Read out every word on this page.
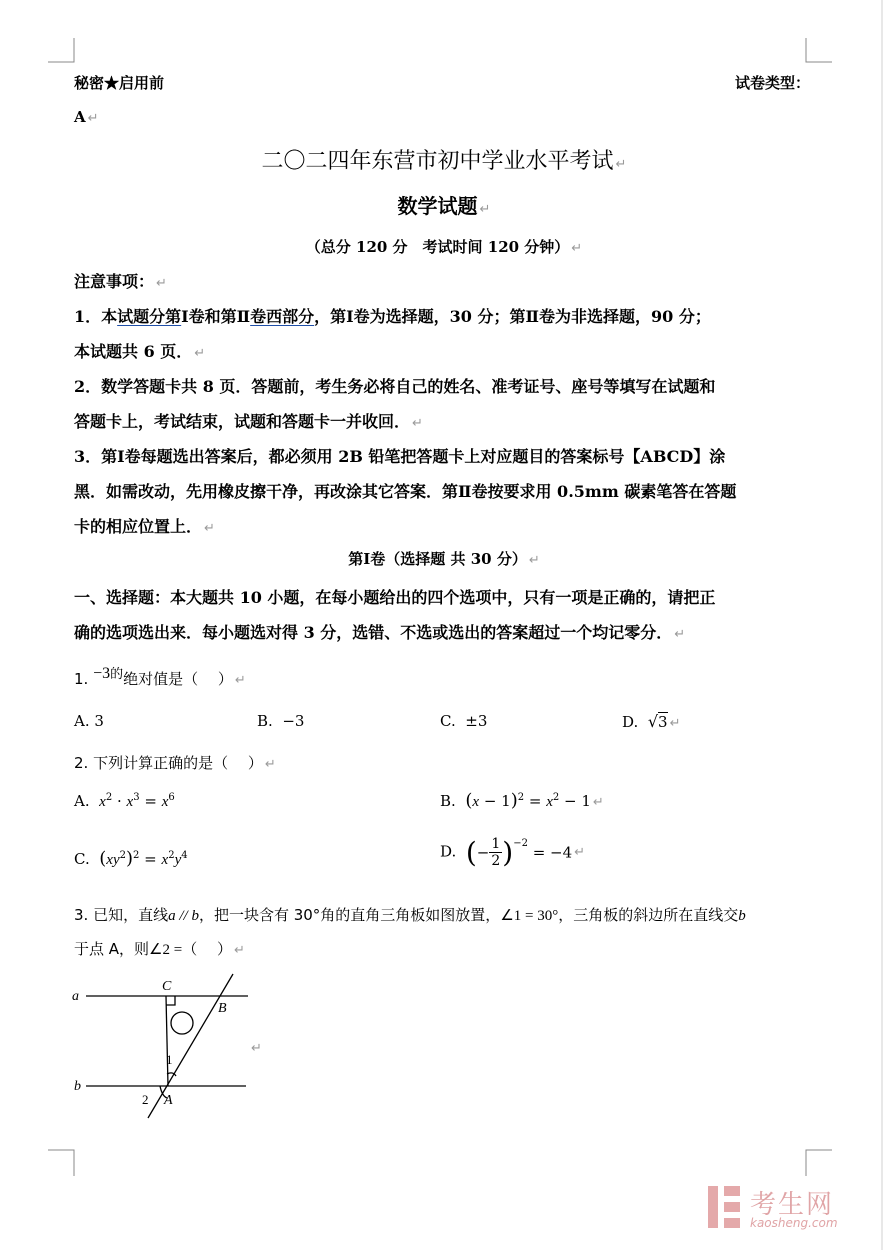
秘密★启用前	试卷类型：
A ↵
二〇二四年东营市初中学业水平考试 ↵
数学试题 ↵
（总分 120 分　考试时间 120 分钟） ↵
注意事项： ↵
1．本试题分第Ⅰ卷和第Ⅱ卷西部分，第Ⅰ卷为选择题，30 分；第Ⅱ卷为非选择题，90 分；
本试题共 6 页． ↵
2．数学答题卡共 8 页．答题前，考生务必将自己的姓名、准考证号、座号等填写在试题和
答题卡上，考试结束，试题和答题卡一并收回． ↵
3．第Ⅰ卷每题选出答案后，都必须用 2B 铅笔把答题卡上对应题目的答案标号【ABCD】涂
黑．如需改动，先用橡皮擦干净，再改涂其它答案．第Ⅱ卷按要求用 0.5mm 碳素笔答在答题
卡的相应位置上． ↵
第Ⅰ卷（选择题 共 30 分） ↵
一、选择题：本大题共 10 小题，在每小题给出的四个选项中，只有一项是正确的，请把正
确的选项选出来．每小题选对得 3 分，选错、不选或选出的答案超过一个均记零分． ↵
1. −3的绝对值是（　 ） ↵
A. 3	B. −3	C. ±3	D. √3 ↵
2. 下列计算正确的是（　 ） ↵
A. $x^2 \cdot x^3 = x^6$	B. $(x - 1)^2 = x^2 - 1$ ↵
C. $(xy^2)^2 = x^2y^4$	D. (− $\frac{1}{2} )^{-2} = -4$ ↵
3. 已知，直线a // b，把一块含有 30°角的直角三角板如图放置，∠1 = 30°，三角板的斜边所在直线交b
于点 A，则∠2 =（　 ） ↵
a
b
C
B
A
1
2
↵
考生网
kaosheng.com
